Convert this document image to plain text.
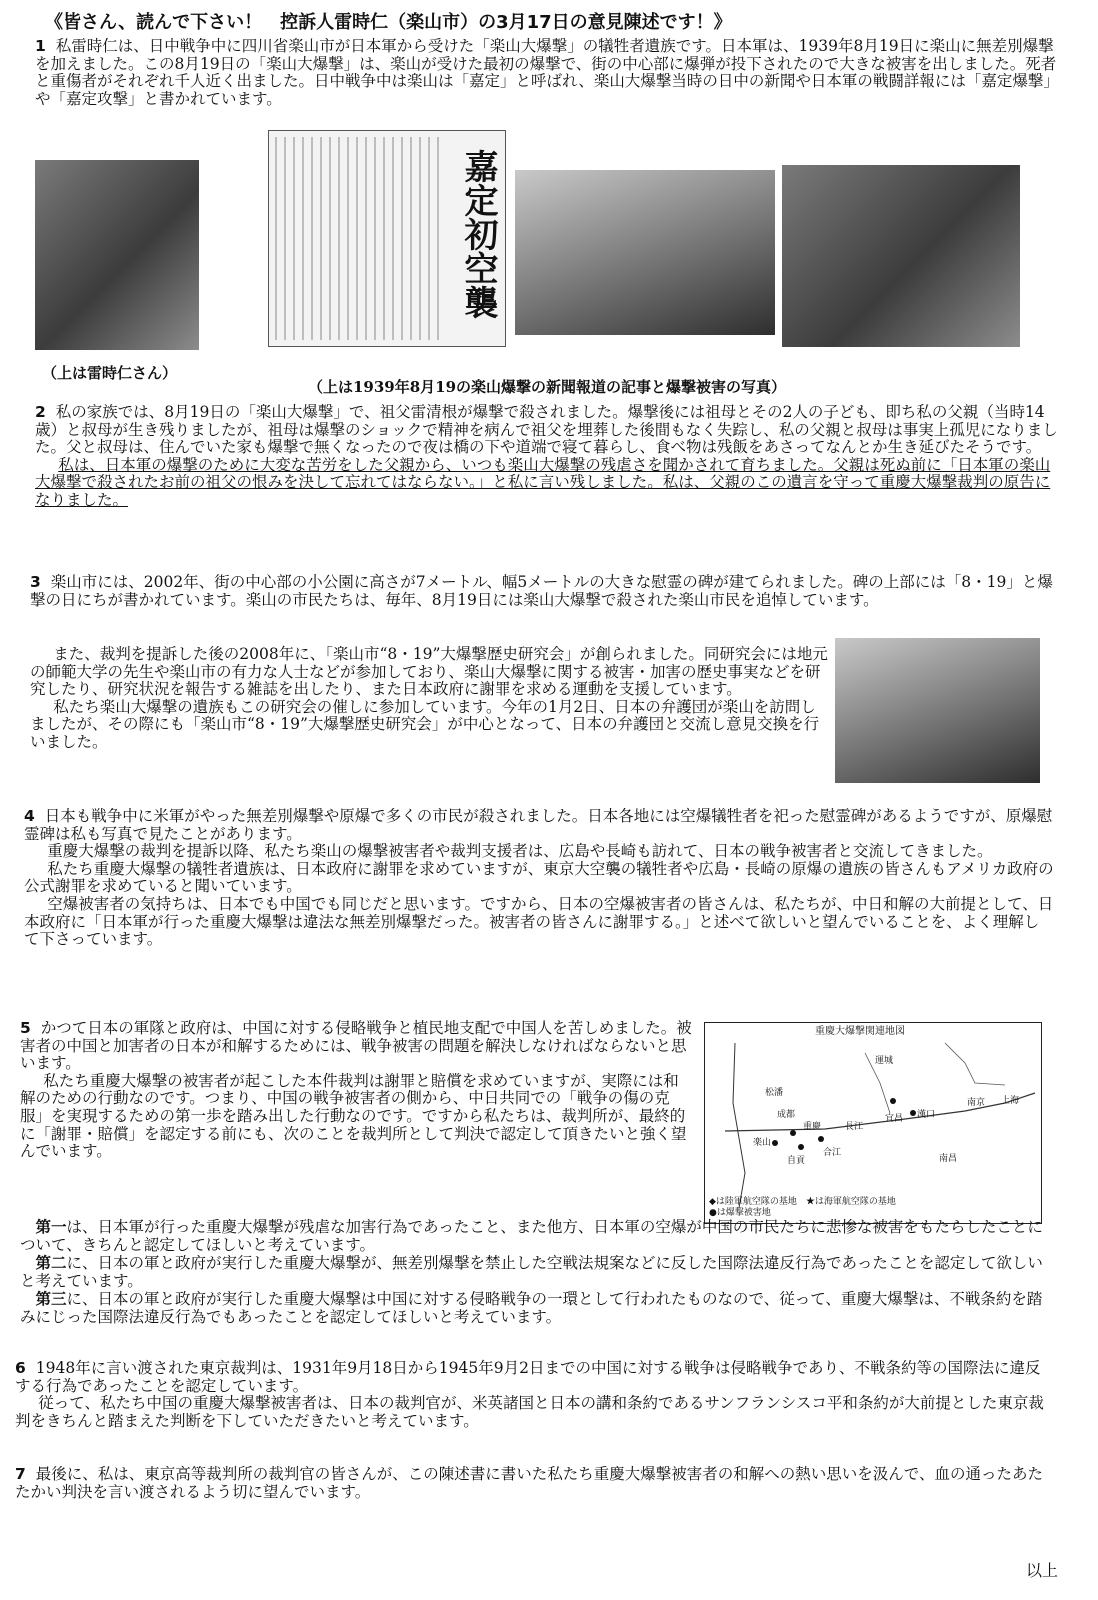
《皆さん、読んで下さい！　控訴人雷時仁（楽山市）の3月17日の意見陳述です！》

1 私雷時仁は、日中戦争中に四川省楽山市が日本軍から受けた「楽山大爆撃」の犠牲者遺族です。日本軍は、1939年8月19日に楽山に無差別爆撃を加えました。この8月19日の「楽山大爆撃」は、楽山が受けた最初の爆撃で、街の中心部に爆弾が投下されたので大きな被害を出しました。死者と重傷者がそれぞれ千人近く出ました。日中戦争中は楽山は「嘉定」と呼ばれ、楽山大爆撃当時の日中の新聞や日本軍の戦闘詳報には「嘉定爆撃」や「嘉定攻撃」と書かれています。

（上は雷時仁さん）
嘉定初空襲
（上は1939年8月19の楽山爆撃の新聞報道の記事と爆撃被害の写真）

2 私の家族では、8月19日の「楽山大爆撃」で、祖父雷清根が爆撃で殺されました。爆撃後には祖母とその2人の子ども、即ち私の父親（当時14歳）と叔母が生き残りましたが、祖母は爆撃のショックで精神を病んで祖父を埋葬した後間もなく失踪し、私の父親と叔母は事実上孤児になりました。父と叔母は、住んでいた家も爆撃で無くなったので夜は橋の下や道端で寝て暮らし、食べ物は残飯をあさってなんとか生き延びたそうです。

私は、日本軍の爆撃のために大変な苦労をした父親から、いつも楽山大爆撃の残虐さを聞かされて育ちました。父親は死ぬ前に「日本軍の楽山大爆撃で殺されたお前の祖父の恨みを決して忘れてはならない。」と私に言い残しました。私は、父親のこの遺言を守って重慶大爆撃裁判の原告になりました。

3 楽山市には、2002年、街の中心部の小公園に高さが7メートル、幅5メートルの大きな慰霊の碑が建てられました。碑の上部には「8・19」と爆撃の日にちが書かれています。楽山の市民たちは、毎年、8月19日には楽山大爆撃で殺された楽山市民を追悼しています。

また、裁判を提訴した後の2008年に、「楽山市“8・19”大爆撃歴史研究会」が創られました。同研究会には地元の師範大学の先生や楽山市の有力な人士などが参加しており、楽山大爆撃に関する被害・加害の歴史事実などを研究したり、研究状況を報告する雑誌を出したり、また日本政府に謝罪を求める運動を支援しています。

私たち楽山大爆撃の遺族もこの研究会の催しに参加しています。今年の1月2日、日本の弁護団が楽山を訪問しましたが、その際にも「楽山市“8・19”大爆撃歴史研究会」が中心となって、日本の弁護団と交流し意見交換を行いました。

4 日本も戦争中に米軍がやった無差別爆撃や原爆で多くの市民が殺されました。日本各地には空爆犠牲者を祀った慰霊碑があるようですが、原爆慰霊碑は私も写真で見たことがあります。

重慶大爆撃の裁判を提訴以降、私たち楽山の爆撃被害者や裁判支援者は、広島や長崎も訪れて、日本の戦争被害者と交流してきました。

私たち重慶大爆撃の犠牲者遺族は、日本政府に謝罪を求めていますが、東京大空襲の犠牲者や広島・長崎の原爆の遺族の皆さんもアメリカ政府の公式謝罪を求めていると聞いています。

空爆被害者の気持ちは、日本でも中国でも同じだと思います。ですから、日本の空爆被害者の皆さんは、私たちが、中日和解の大前提として、日本政府に「日本軍が行った重慶大爆撃は違法な無差別爆撃だった。被害者の皆さんに謝罪する。」と述べて欲しいと望んでいることを、よく理解して下さっています。

5 かつて日本の軍隊と政府は、中国に対する侵略戦争と植民地支配で中国人を苦しめました。被害者の中国と加害者の日本が和解するためには、戦争被害の問題を解決しなければならないと思います。

私たち重慶大爆撃の被害者が起こした本件裁判は謝罪と賠償を求めていますが、実際には和解のための行動なのです。つまり、中国の戦争被害者の側から、中日共同での「戦争の傷の克服」を実現するための第一歩を踏み出した行動なのです。ですから私たちは、裁判所が、最終的に「謝罪・賠償」を認定する前にも、次のことを裁判所として判決で認定して頂きたいと強く望んでいます。

重慶大爆撃関連地図
運城
松潘
成都
重慶
楽山
自貢
合江
宜昌
長江
漢口
南昌
南京 上海
◆は陸軍航空隊の基地　★は海軍航空隊の基地
●は爆撃被害地

第一は、日本軍が行った重慶大爆撃が残虐な加害行為であったこと、また他方、日本軍の空爆が中国の市民たちに悲惨な被害をもたらしたことについて、きちんと認定してほしいと考えています。

第二に、日本の軍と政府が実行した重慶大爆撃が、無差別爆撃を禁止した空戦法規案などに反した国際法違反行為であったことを認定して欲しいと考えています。

第三に、日本の軍と政府が実行した重慶大爆撃は中国に対する侵略戦争の一環として行われたものなので、従って、重慶大爆撃は、不戦条約を踏みにじった国際法違反行為でもあったことを認定してほしいと考えています。

6 1948年に言い渡された東京裁判は、1931年9月18日から1945年9月2日までの中国に対する戦争は侵略戦争であり、不戦条約等の国際法に違反する行為であったことを認定しています。

従って、私たち中国の重慶大爆撃被害者は、日本の裁判官が、米英諸国と日本の講和条約であるサンフランシスコ平和条約が大前提とした東京裁判をきちんと踏まえた判断を下していただきたいと考えています。

7 最後に、私は、東京高等裁判所の裁判官の皆さんが、この陳述書に書いた私たち重慶大爆撃被害者の和解への熱い思いを汲んで、血の通ったあたたかい判決を言い渡されるよう切に望んでいます。

以上
